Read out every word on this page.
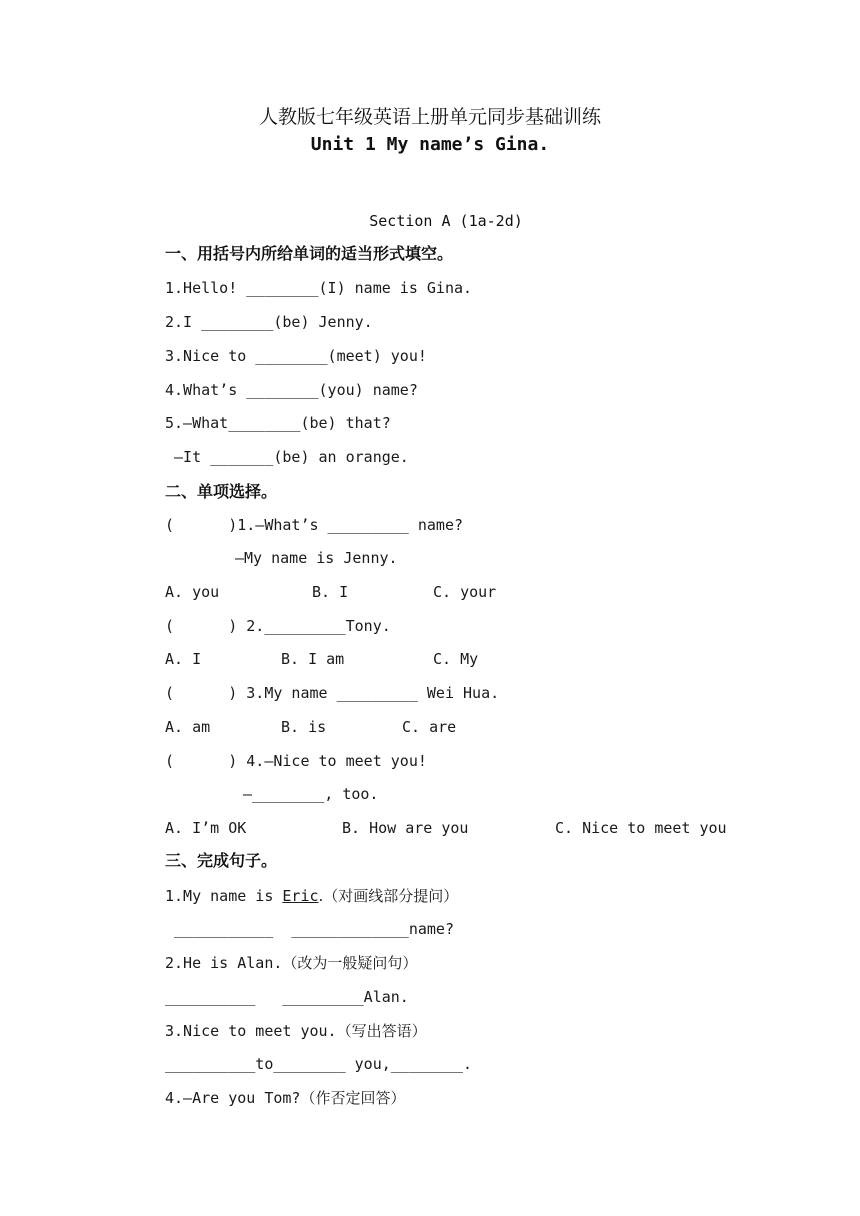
人教版七年级英语上册单元同步基础训练
Unit 1 My name’s Gina.
Section A (1a-2d)
一、用括号内所给单词的适当形式填空。
1.Hello! ________(I) name is Gina.
2.I ________(be) Jenny.
3.Nice to ________(meet) you!
4.What’s ________(you) name?
5.—What________(be) that?
—It _______(be) an orange.
二、单项选择。
(      )1.—What’s _________ name?
—My name is Jenny.
A. you	B. I	C. your
(      ) 2._________Tony.
A. I	B. I am	C. My
(      ) 3.My name _________ Wei Hua.
A. am	B. is	C. are
(      ) 4.—Nice to meet you!
—________, too.
A. I’m OK	B. How are you	C. Nice to meet you
三、完成句子。
1.My name is Eric.（对画线部分提问）
___________  _____________name?
2.He is Alan.（改为一般疑问句）
__________   _________Alan.
3.Nice to meet you.（写出答语）
__________to________ you,________.
4.—Are you Tom?（作否定回答）
